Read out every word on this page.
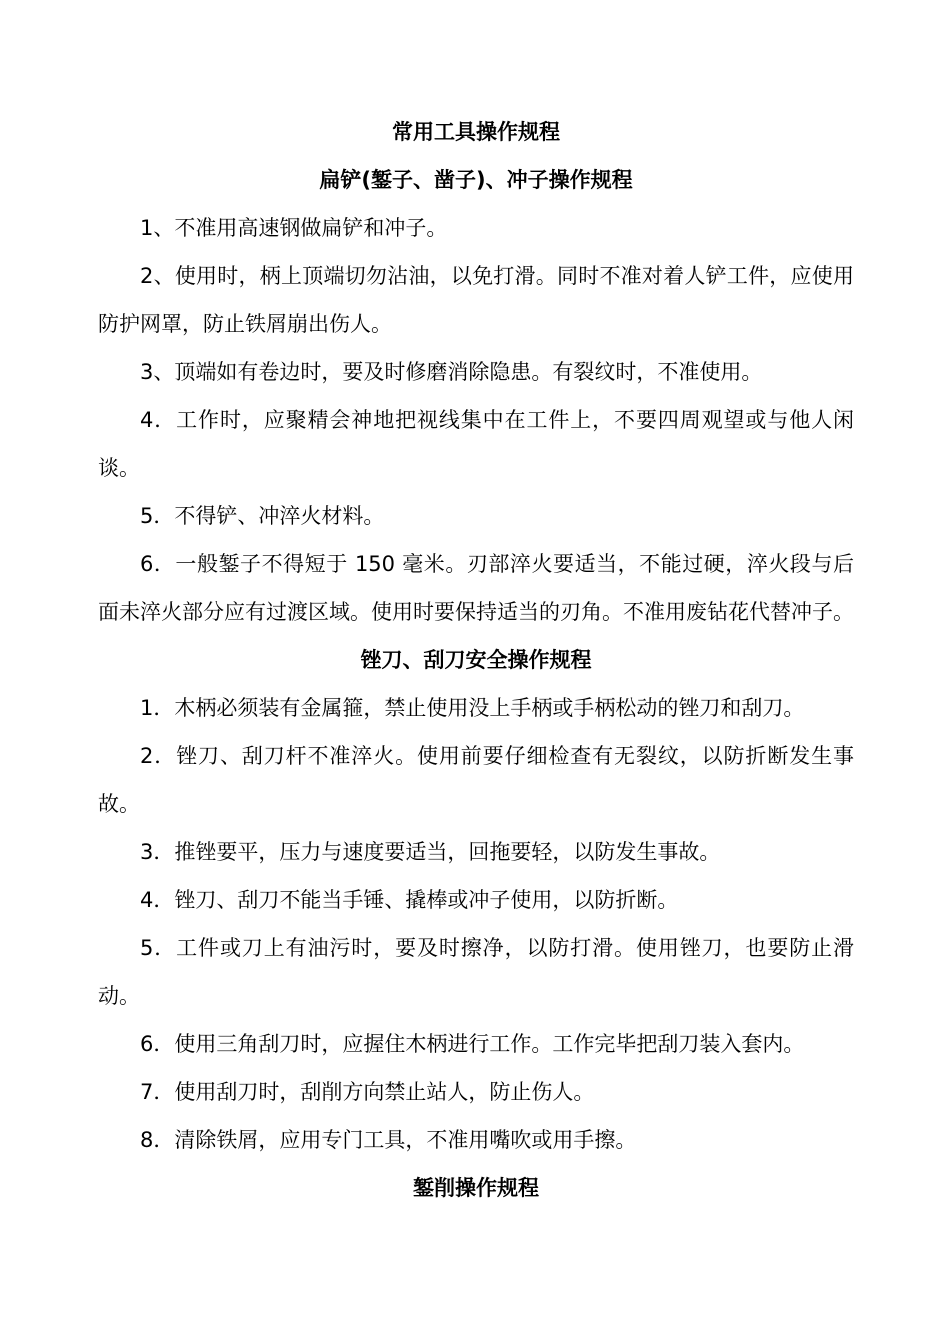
常用工具操作规程

扁铲(錾子、凿子)、冲子操作规程

1、不准用高速钢做扁铲和冲子。

2、使用时，柄上顶端切勿沾油，以免打滑。同时不准对着人铲工件，应使用防护网罩，防止铁屑崩出伤人。

3、顶端如有卷边时，要及时修磨消除隐患。有裂纹时，不准使用。

4．工作时，应聚精会神地把视线集中在工件上，不要四周观望或与他人闲谈。

5．不得铲、冲淬火材料。

6．一般錾子不得短于 150 毫米。刃部淬火要适当，不能过硬，淬火段与后面未淬火部分应有过渡区域。使用时要保持适当的刃角。不准用废钻花代替冲子。

锉刀、刮刀安全操作规程

1．木柄必须装有金属箍，禁止使用没上手柄或手柄松动的锉刀和刮刀。

2．锉刀、刮刀杆不准淬火。使用前要仔细检查有无裂纹，以防折断发生事故。

3．推锉要平，压力与速度要适当，回拖要轻，以防发生事故。

4．锉刀、刮刀不能当手锤、撬棒或冲子使用，以防折断。

5．工件或刀上有油污时，要及时擦净，以防打滑。使用锉刀，也要防止滑动。

6．使用三角刮刀时，应握住木柄进行工作。工作完毕把刮刀装入套内。

7．使用刮刀时，刮削方向禁止站人，防止伤人。

8．清除铁屑，应用专门工具，不准用嘴吹或用手擦。

錾削操作规程
